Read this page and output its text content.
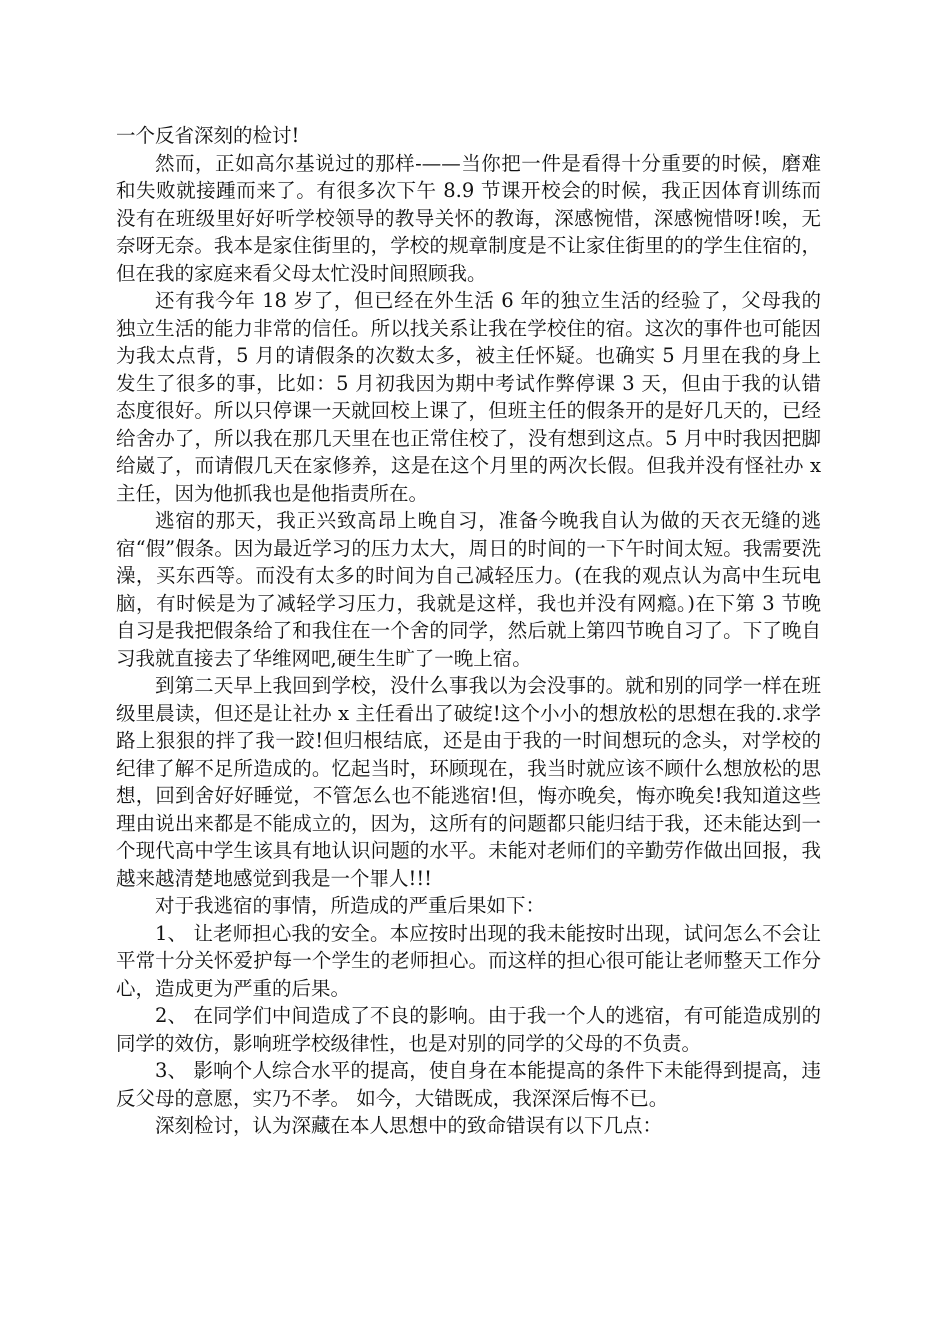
一个反省深刻的检讨!

然而，正如高尔基说过的那样-——当你把一件是看得十分重要的时候，磨难和失败就接踵而来了。有很多次下午 8.9 节课开校会的时候，我正因体育训练而没有在班级里好好听学校领导的教导关怀的教诲，深感惋惜，深感惋惜呀!唉，无奈呀无奈。我本是家住街里的，学校的规章制度是不让家住街里的的学生住宿的，但在我的家庭来看父母太忙没时间照顾我。

还有我今年 18 岁了，但已经在外生活 6 年的独立生活的经验了，父母我的独立生活的能力非常的信任。所以找关系让我在学校住的宿。这次的事件也可能因为我太点背，5 月的请假条的次数太多，被主任怀疑。也确实 5 月里在我的身上发生了很多的事，比如：5 月初我因为期中考试作弊停课 3 天，但由于我的认错态度很好。所以只停课一天就回校上课了，但班主任的假条开的是好几天的，已经给舍办了，所以我在那几天里在也正常住校了，没有想到这点。5 月中时我因把脚给崴了，而请假几天在家修养，这是在这个月里的两次长假。但我并没有怪社办 x 主任，因为他抓我也是他指责所在。

逃宿的那天，我正兴致高昂上晚自习，准备今晚我自认为做的天衣无缝的逃宿“假”假条。因为最近学习的压力太大，周日的时间的一下午时间太短。我需要洗澡，买东西等。而没有太多的时间为自己减轻压力。(在我的观点认为高中生玩电脑，有时候是为了减轻学习压力，我就是这样，我也并没有网瘾。)在下第 3 节晚自习是我把假条给了和我住在一个舍的同学，然后就上第四节晚自习了。下了晚自习我就直接去了华维网吧,硬生生旷了一晚上宿。

到第二天早上我回到学校，没什么事我以为会没事的。就和别的同学一样在班级里晨读，但还是让社办 x 主任看出了破绽!这个小小的想放松的思想在我的.求学路上狠狠的拌了我一跤!但归根结底，还是由于我的一时间想玩的念头，对学校的纪律了解不足所造成的。忆起当时，环顾现在，我当时就应该不顾什么想放松的思想，回到舍好好睡觉，不管怎么也不能逃宿!但，悔亦晚矣，悔亦晚矣!我知道这些理由说出来都是不能成立的，因为，这所有的问题都只能归结于我，还未能达到一个现代高中学生该具有地认识问题的水平。未能对老师们的辛勤劳作做出回报，我越来越清楚地感觉到我是一个罪人!!!

对于我逃宿的事情，所造成的严重后果如下：

1、 让老师担心我的安全。本应按时出现的我未能按时出现，试问怎么不会让平常十分关怀爱护每一个学生的老师担心。而这样的担心很可能让老师整天工作分心，造成更为严重的后果。

2、 在同学们中间造成了不良的影响。由于我一个人的逃宿，有可能造成别的同学的效仿，影响班学校级律性，也是对别的同学的父母的不负责。

3、 影响个人综合水平的提高，使自身在本能提高的条件下未能得到提高，违反父母的意愿，实乃不孝。 如今，大错既成，我深深后悔不已。

深刻检讨，认为深藏在本人思想中的致命错误有以下几点：
